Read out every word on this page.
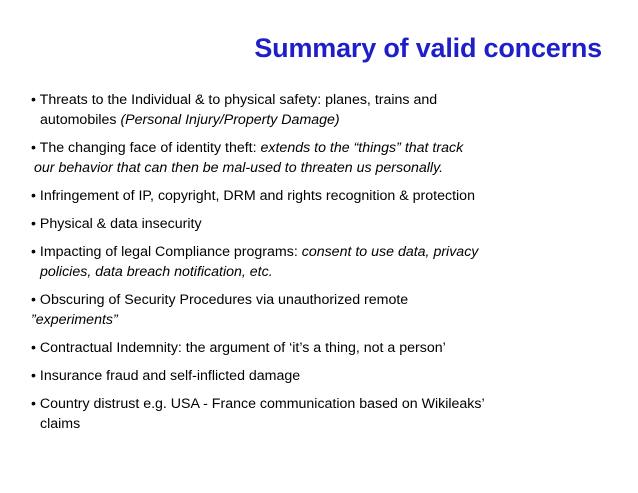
Summary of valid concerns
• Threats to the Individual & to physical safety: planes, trains and
automobiles (Personal Injury/Property Damage)
• The changing face of identity theft: extends to the “things” that track
our behavior that can then be mal-used to threaten us personally.
• Infringement of IP, copyright, DRM and rights recognition & protection
• Physical & data insecurity
• Impacting of legal Compliance programs: consent to use data, privacy
policies, data breach notification, etc.
• Obscuring of Security Procedures via unauthorized remote
”experiments”
• Contractual Indemnity: the argument of ‘it’s a thing, not a person’
• Insurance fraud and self-inflicted damage
• Country distrust e.g. USA - France communication based on Wikileaks’
claims
